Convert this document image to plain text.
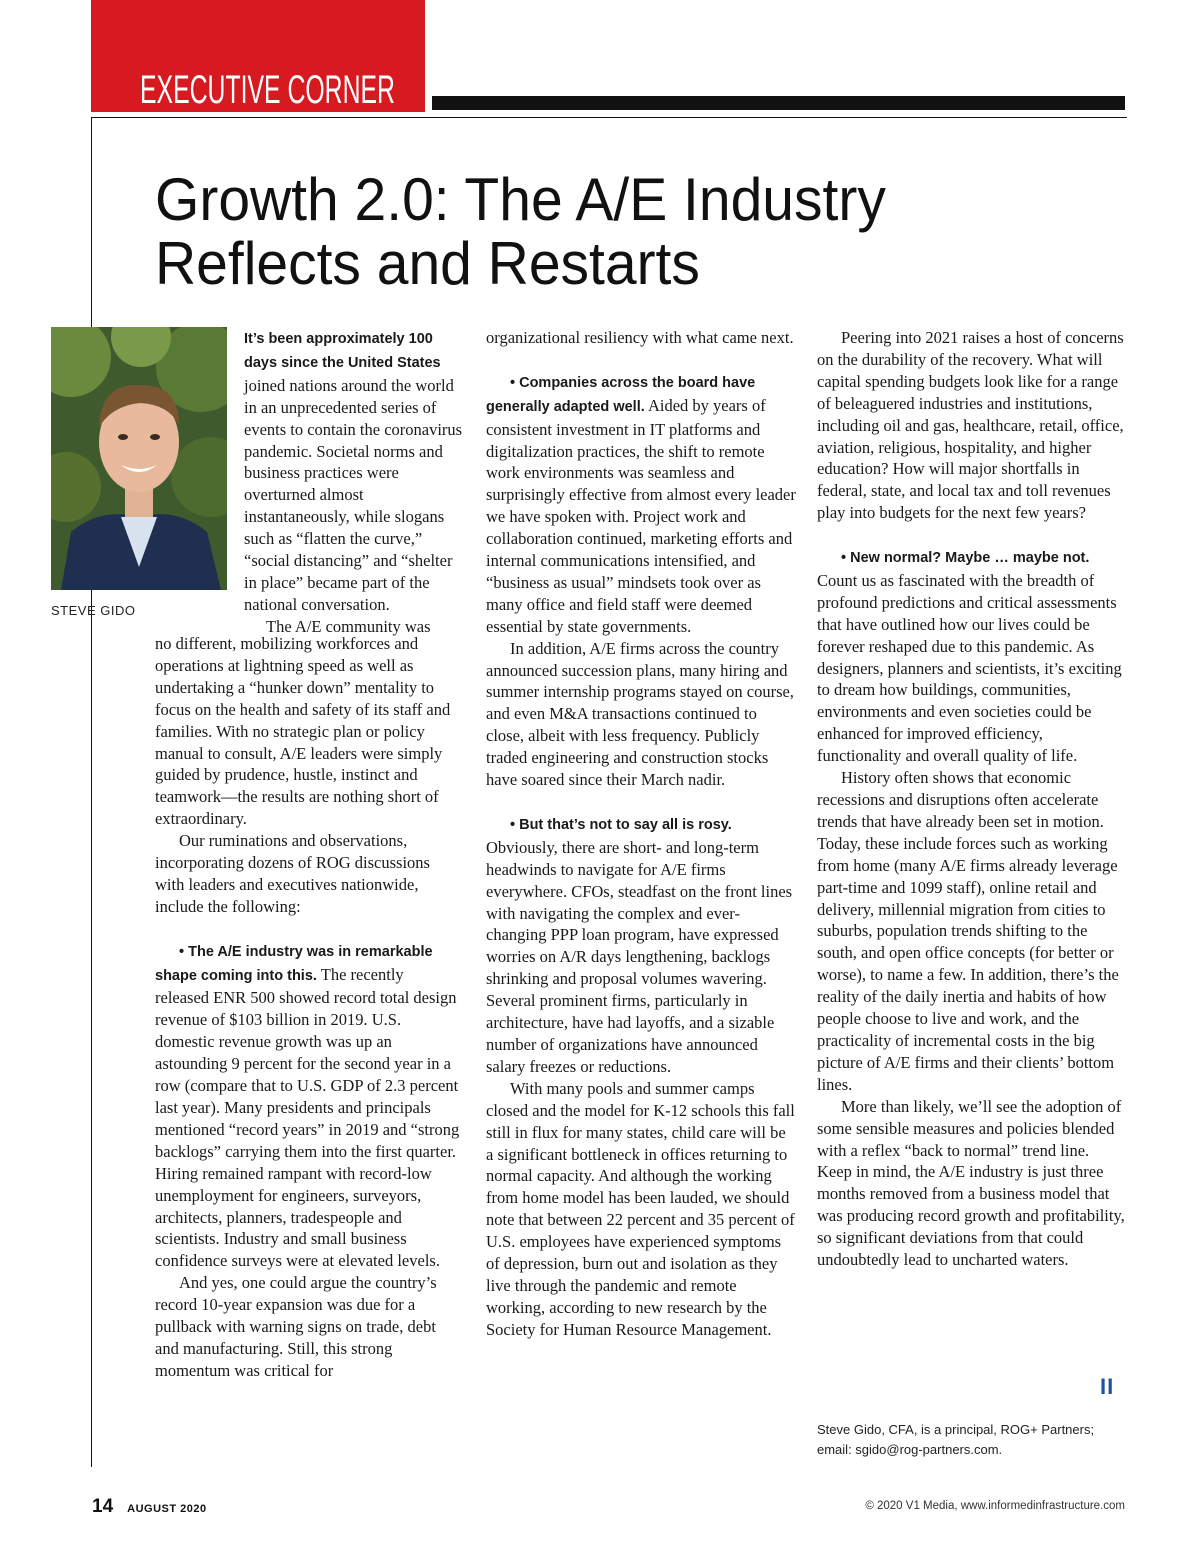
EXECUTIVE CORNER
Growth 2.0: The A/E Industry
Reflects and Restarts
STEVE GIDO

It’s been approximately 100 days since the United States joined nations around the world in an unprecedented series of events to contain the coronavirus pandemic. Societal norms and business practices were overturned almost instantaneously, while slogans such as “flatten the curve,” “social distancing” and “shelter in place” became part of the national conversation.

The A/E community was

no different, mobilizing workforces and operations at lightning speed as well as undertaking a “hunker down” mentality to focus on the health and safety of its staff and families. With no strategic plan or policy manual to consult, A/E leaders were simply guided by prudence, hustle, instinct and teamwork—the results are nothing short of extraordinary.

Our ruminations and observations, incorporating dozens of ROG discussions with leaders and executives nationwide, include the following:

• The A/E industry was in remarkable shape coming into this. The recently released ENR 500 showed record total design revenue of $103 billion in 2019. U.S. domestic revenue growth was up an astounding 9 percent for the second year in a row (compare that to U.S. GDP of 2.3 percent last year). Many presidents and principals mentioned “record years” in 2019 and “strong backlogs” carrying them into the first quarter. Hiring remained rampant with record-low unemployment for engineers, surveyors, architects, planners, tradespeople and scientists. Industry and small business confidence surveys were at elevated levels.

And yes, one could argue the country’s record 10-year expansion was due for a pullback with warning signs on trade, debt and manufacturing. Still, this strong momentum was critical for

organizational resiliency with what came next.

• Companies across the board have generally adapted well. Aided by years of consistent investment in IT platforms and digitalization practices, the shift to remote work environments was seamless and surprisingly effective from almost every leader we have spoken with. Project work and collaboration continued, marketing efforts and internal communications intensified, and “business as usual” mindsets took over as many office and field staff were deemed essential by state governments.

In addition, A/E firms across the country announced succession plans, many hiring and summer internship programs stayed on course, and even M&A transactions continued to close, albeit with less frequency. Publicly traded engineering and construction stocks have soared since their March nadir.

• But that’s not to say all is rosy.

Obviously, there are short- and long-term headwinds to navigate for A/E firms everywhere. CFOs, steadfast on the front lines with navigating the complex and ever-changing PPP loan program, have expressed worries on A/R days lengthening, backlogs shrinking and proposal volumes wavering. Several prominent firms, particularly in architecture, have had layoffs, and a sizable number of organizations have announced salary freezes or reductions.

With many pools and summer camps closed and the model for K-12 schools this fall still in flux for many states, child care will be a significant bottleneck in offices returning to normal capacity. And although the working from home model has been lauded, we should note that between 22 percent and 35 percent of U.S. employees have experienced symptoms of depression, burn out and isolation as they live through the pandemic and remote working, according to new research by the Society for Human Resource Management.

Peering into 2021 raises a host of concerns on the durability of the recovery. What will capital spending budgets look like for a range of beleaguered industries and institutions, including oil and gas, healthcare, retail, office, aviation, religious, hospitality, and higher education? How will major shortfalls in federal, state, and local tax and toll revenues play into budgets for the next few years?

• New normal? Maybe … maybe not.

Count us as fascinated with the breadth of profound predictions and critical assessments that have outlined how our lives could be forever reshaped due to this pandemic. As designers, planners and scientists, it’s exciting to dream how buildings, communities, environments and even societies could be enhanced for improved efficiency, functionality and overall quality of life.

History often shows that economic recessions and disruptions often accelerate trends that have already been set in motion. Today, these include forces such as working from home (many A/E firms already leverage part-time and 1099 staff), online retail and delivery, millennial migration from cities to suburbs, population trends shifting to the south, and open office concepts (for better or worse), to name a few. In addition, there’s the reality of the daily inertia and habits of how people choose to live and work, and the practicality of incremental costs in the big picture of A/E firms and their clients’ bottom lines.

More than likely, we’ll see the adoption of some sensible measures and policies blended with a reflex “back to normal” trend line. Keep in mind, the A/E industry is just three months removed from a business model that was producing record growth and profitability, so significant deviations from that could undoubtedly lead to uncharted waters.

II
Steve Gido, CFA, is a principal, ROG+ Partners;
email: sgido@rog-partners.com.
14 AUGUST 2020	© 2020 V1 Media, www.informedinfrastructure.com
